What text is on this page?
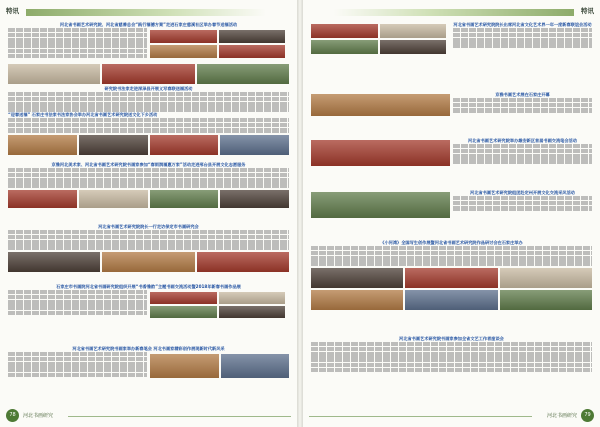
特讯
河北省书画艺术研究院、河北省慈善总会“践行福德方案”走进石家庄慈溪社区举办春节送福活动
研究院书法家走进深泽县开展义写春联送福活动
“迎春送福” 石家庄书法家书法家协会举办河北省书画艺术研究院送文化下乡活动
京雅河北美术家、河北省书画艺术研究院书画家参加“春雨润福惠万家”活动走进邢台县开展文化志愿服务
河北省书画艺术研究院院长一行走访保定市书画研究会
石家庄市书画院河北省书画研究院组织开展“书香雅韵”主题书画交流活动暨2018年新春书画作品展
河北省书画艺术研究院书画家举办新春笔会 河北书画家精彩创作展现新时代新风采
78	河北书画研究
特讯
河北省书画艺术研究院院长出席河北省文化艺术界一年一度新春联谊会活动
京雅书画艺术展在石家庄开幕
河北省书画艺术研究院举办雄安新区首届书画交流笔会活动
河北省书画艺术研究院组团赴定州开展文化交流采风活动
《小河湾》全国写生创作展暨河北省书画艺术研究院作品研讨会在石家庄举办
河北省书画艺术研究院书画家参加全省文艺工作者座谈会
河北书画研究	79
